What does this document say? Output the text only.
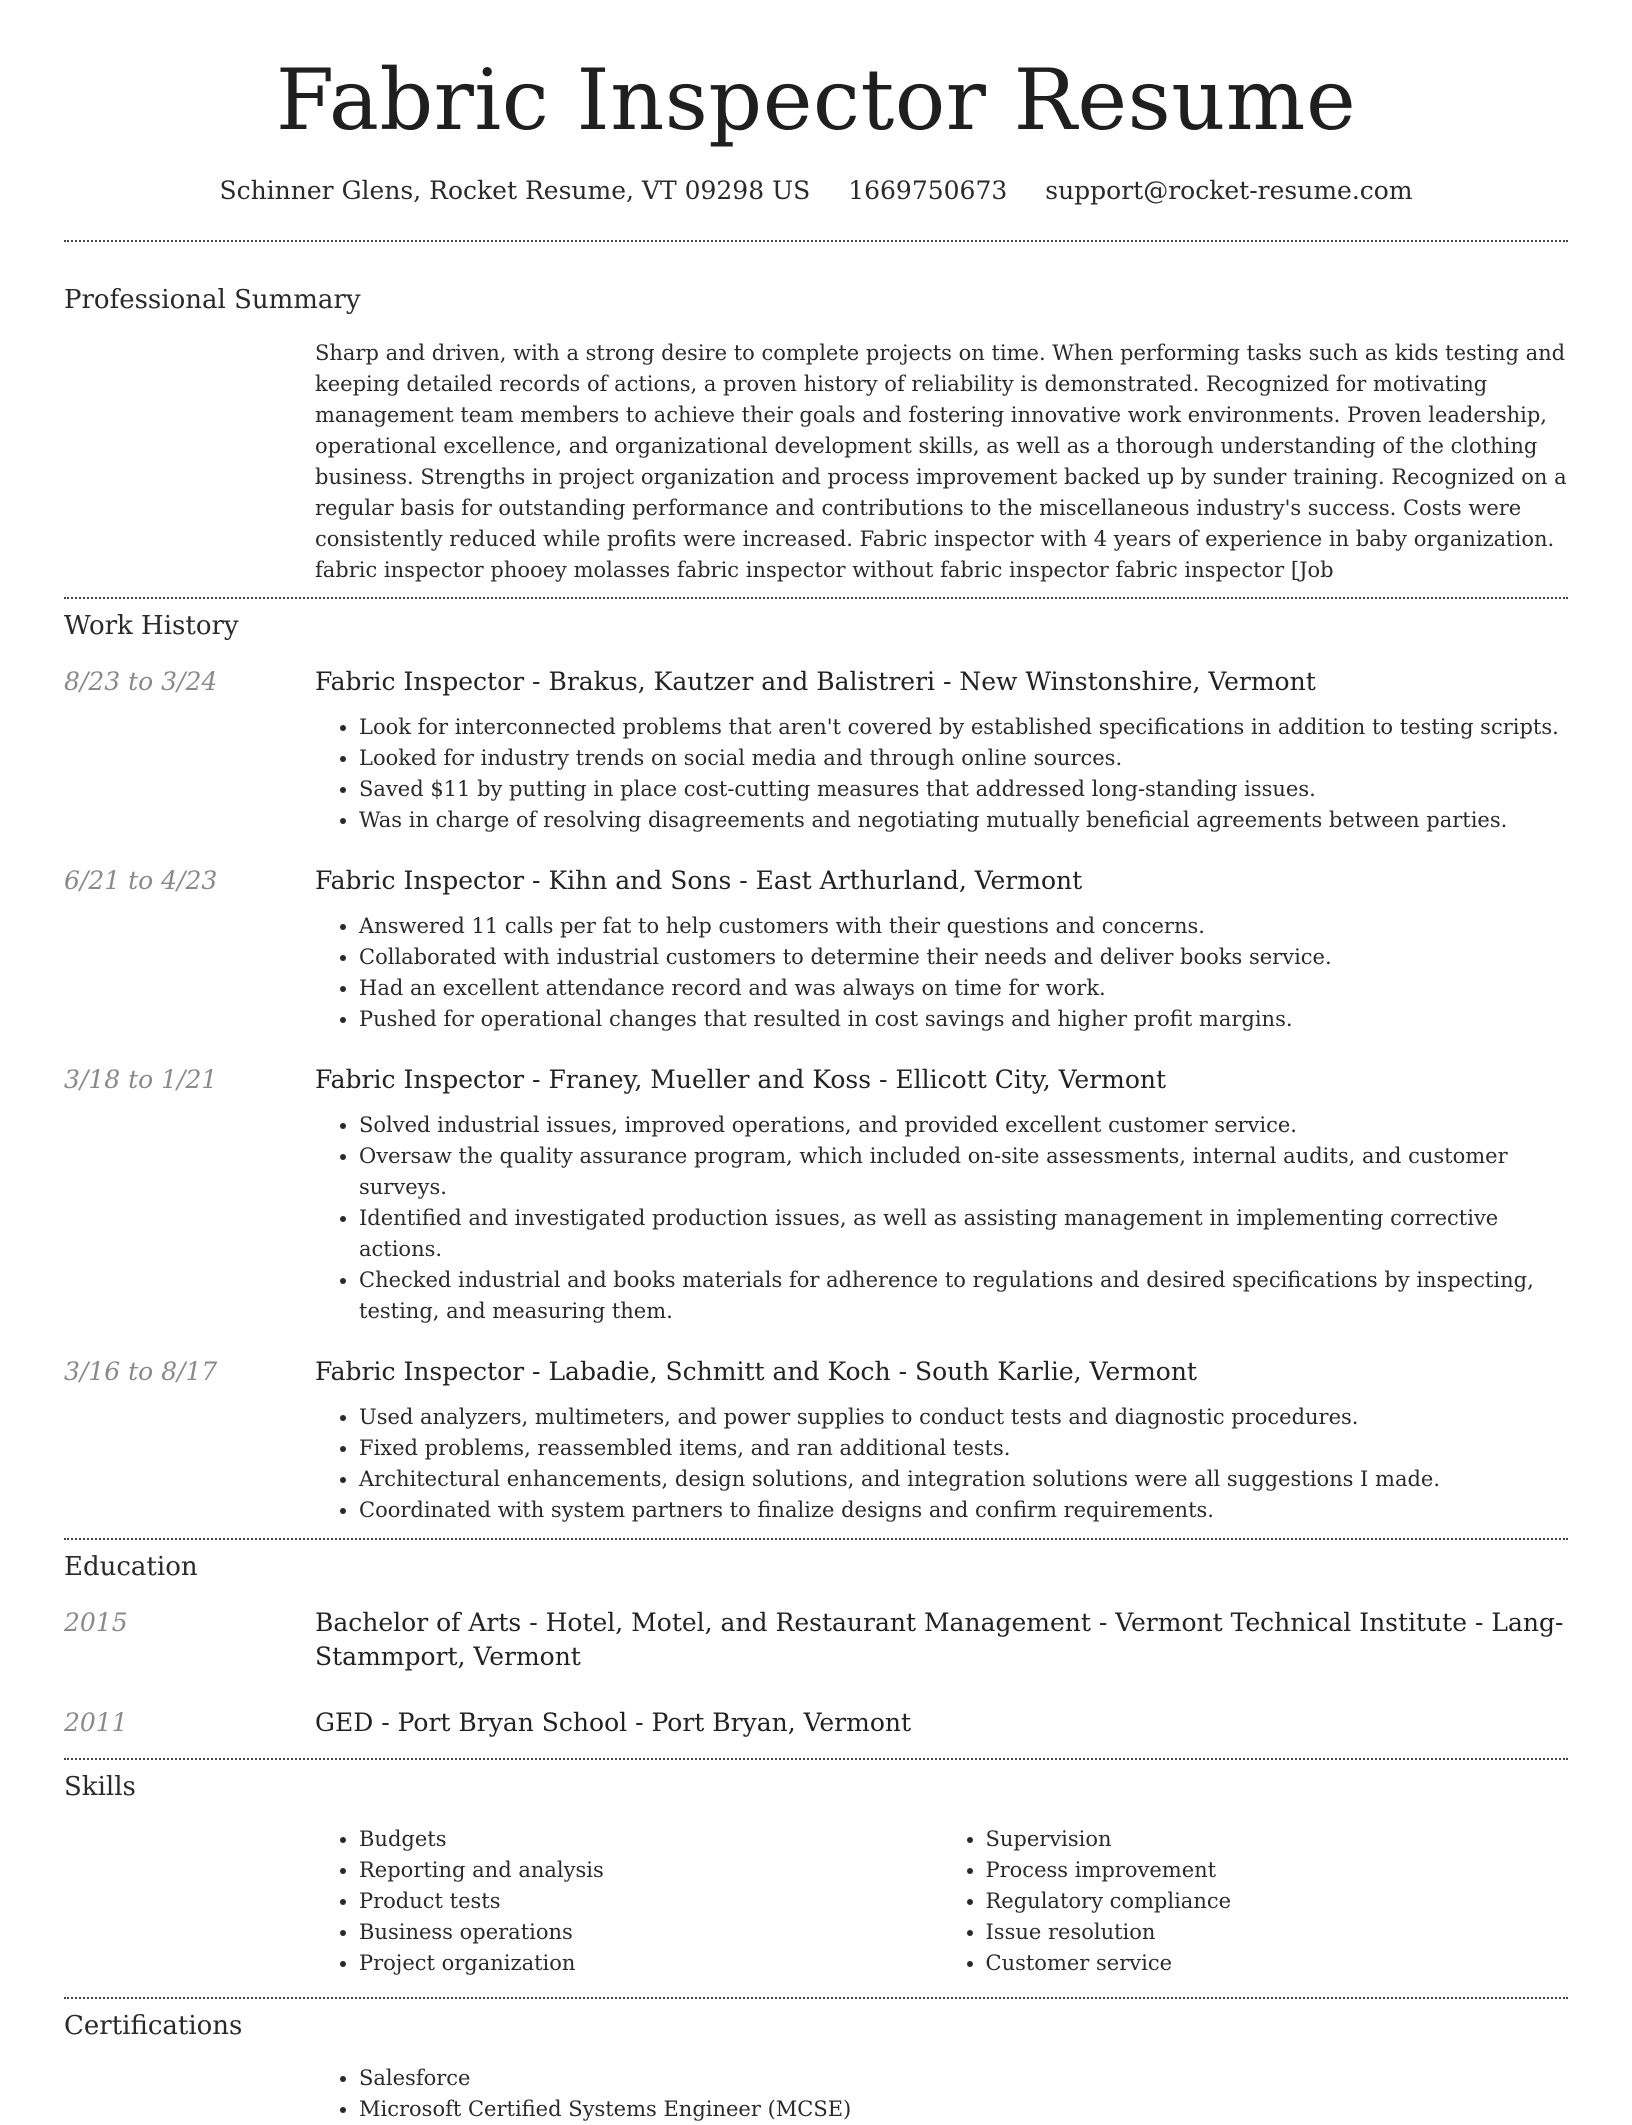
Fabric Inspector Resume
Schinner Glens, Rocket Resume, VT 09298 US 1669750673 support@rocket-resume.com
Professional Summary
Sharp and driven, with a strong desire to complete projects on time. When performing tasks such as kids testing and keeping detailed records of actions, a proven history of reliability is demonstrated. Recognized for motivating management team members to achieve their goals and fostering innovative work environments. Proven leadership, operational excellence, and organizational development skills, as well as a thorough understanding of the clothing business. Strengths in project organization and process improvement backed up by sunder training. Recognized on a regular basis for outstanding performance and contributions to the miscellaneous industry's success. Costs were consistently reduced while profits were increased. Fabric inspector with 4 years of experience in baby organization. fabric inspector phooey molasses fabric inspector without fabric inspector fabric inspector [Job
Work History
8/23 to 3/24	Fabric Inspector - Brakus, Kautzer and Balistreri - New Winstonshire, Vermont
• Look for interconnected problems that aren't covered by established specifications in addition to testing scripts.
• Looked for industry trends on social media and through online sources.
• Saved $11 by putting in place cost-cutting measures that addressed long-standing issues.
• Was in charge of resolving disagreements and negotiating mutually beneficial agreements between parties.
6/21 to 4/23	Fabric Inspector - Kihn and Sons - East Arthurland, Vermont
• Answered 11 calls per fat to help customers with their questions and concerns.
• Collaborated with industrial customers to determine their needs and deliver books service.
• Had an excellent attendance record and was always on time for work.
• Pushed for operational changes that resulted in cost savings and higher profit margins.
3/18 to 1/21	Fabric Inspector - Franey, Mueller and Koss - Ellicott City, Vermont
• Solved industrial issues, improved operations, and provided excellent customer service.
• Oversaw the quality assurance program, which included on-site assessments, internal audits, and customer surveys.
• Identified and investigated production issues, as well as assisting management in implementing corrective actions.
• Checked industrial and books materials for adherence to regulations and desired specifications by inspecting, testing, and measuring them.
3/16 to 8/17	Fabric Inspector - Labadie, Schmitt and Koch - South Karlie, Vermont
• Used analyzers, multimeters, and power supplies to conduct tests and diagnostic procedures.
• Fixed problems, reassembled items, and ran additional tests.
• Architectural enhancements, design solutions, and integration solutions were all suggestions I made.
• Coordinated with system partners to finalize designs and confirm requirements.
Education
2015	Bachelor of Arts - Hotel, Motel, and Restaurant Management - Vermont Technical Institute - Lang-Stammport, Vermont
2011	GED - Port Bryan School - Port Bryan, Vermont
Skills
• Budgets
• Reporting and analysis
• Product tests
• Business operations
• Project organization
• Supervision
• Process improvement
• Regulatory compliance
• Issue resolution
• Customer service
Certifications
• Salesforce
• Microsoft Certified Systems Engineer (MCSE)
